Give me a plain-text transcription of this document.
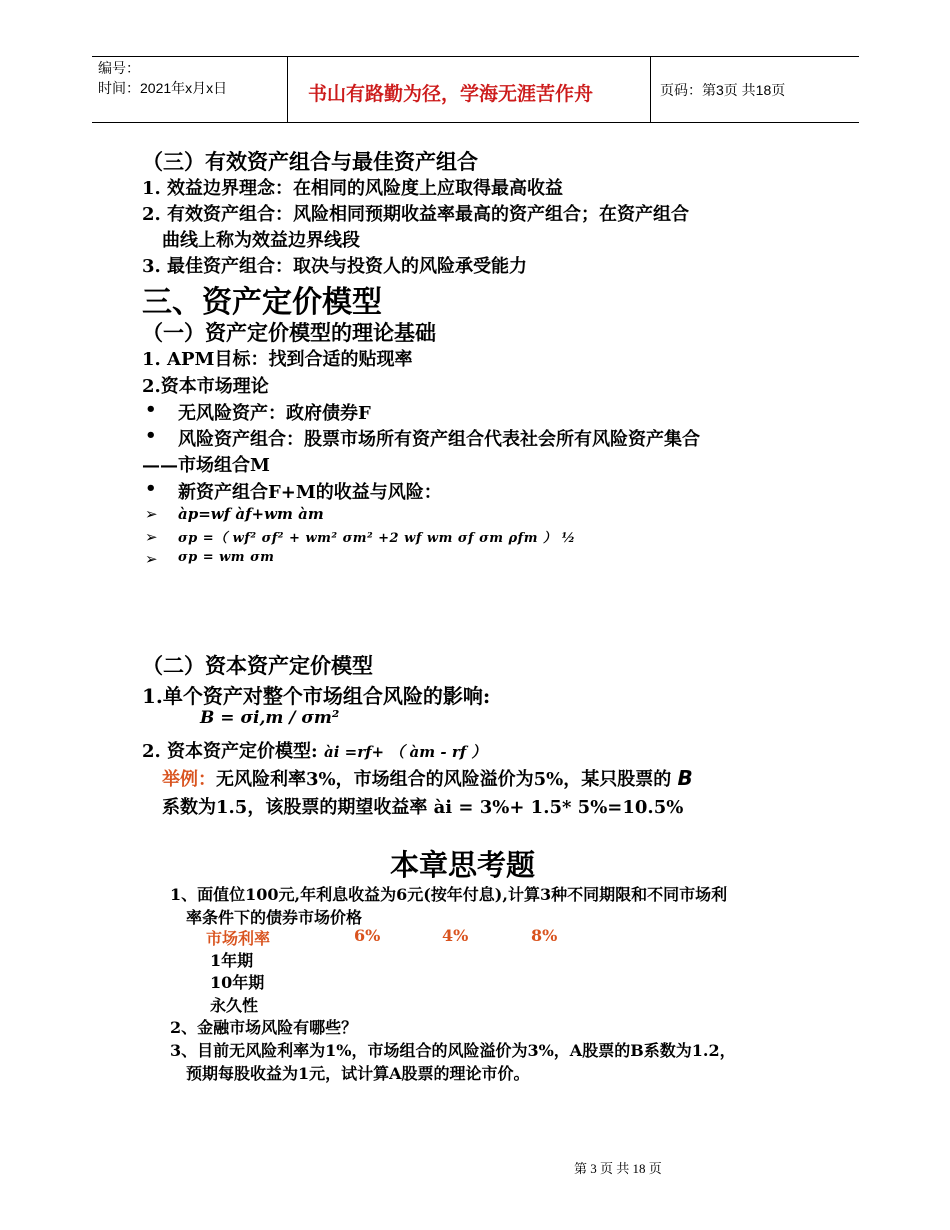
编号：
时间：2021年x月x日	书山有路勤为径，学海无涯苦作舟	页码：第3页 共18页
（三）有效资产组合与最佳资产组合
1. 效益边界理念：在相同的风险度上应取得最高收益
2. 有效资产组合：风险相同预期收益率最高的资产组合；在资产组合
曲线上称为效益边界线段
3. 最佳资产组合：取决与投资人的风险承受能力
三、资产定价模型
（一）资产定价模型的理论基础
1. APM目标：找到合适的贴现率
2.资本市场理论
• 无风险资产：政府债券F
• 风险资产组合：股票市场所有资产组合代表社会所有风险资产集合
——市场组合M
• 新资产组合F+M的收益与风险：
➢ àp=wf àf+wm àm
➢ σp =（ wf² σf² + wm² σm² +2 wf wm σf σm ρfm ） ½
➢ σp = wm σm
（二）资本资产定价模型
1.单个资产对整个市场组合风险的影响:
B = σi,m / σm²
2. 资本资产定价模型: ài =rf+ （ àm - rf ）
举例：无风险利率3%，市场组合的风险溢价为5%，某只股票的 B
系数为1.5，该股票的期望收益率 ài = 3%+ 1.5* 5%=10.5%
本章思考题
1、面值位100元,年利息收益为6元(按年付息),计算3种不同期限和不同市场利
率条件下的债券市场价格
市场利率	6%	4%	8%
1年期
10年期
永久性
2、金融市场风险有哪些？
3、目前无风险利率为1%，市场组合的风险溢价为3%，A股票的B系数为1.2，
预期每股收益为1元，试计算A股票的理论市价。
第 3 页 共 18 页
